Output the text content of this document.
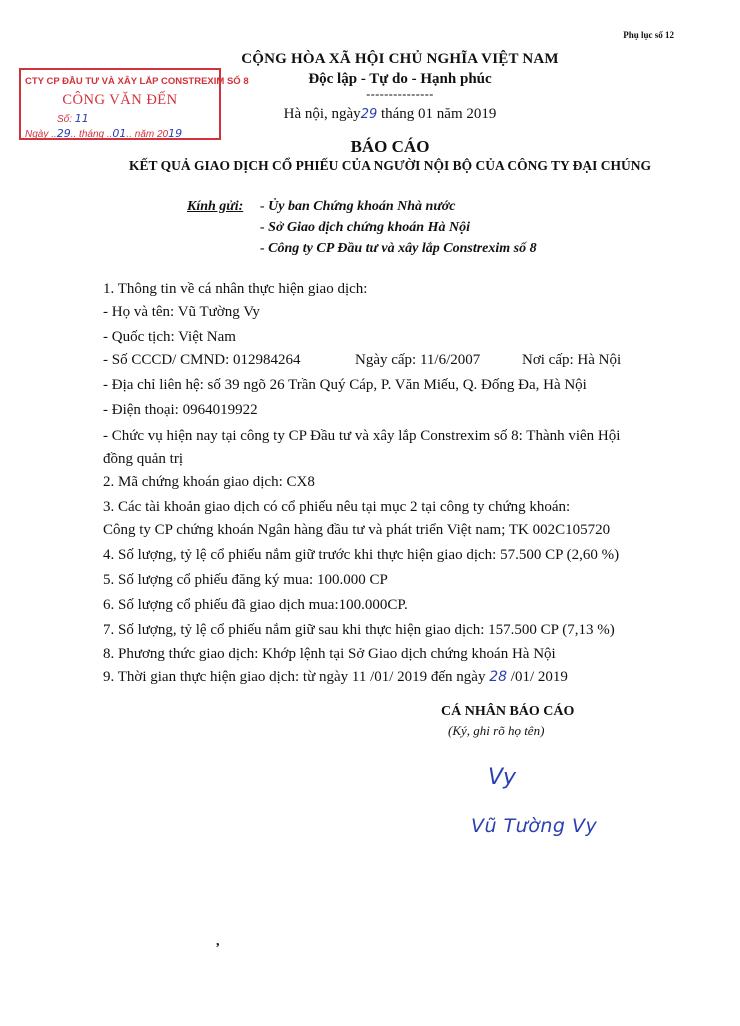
Phụ lục số 12
CỘNG HÒA XÃ HỘI CHỦ NGHĨA VIỆT NAM
Độc lập - Tự do - Hạnh phúc
---------------
Hà nội, ngày29 tháng 01 năm 2019
CTY CP ĐẦU TƯ VÀ XÂY LẮP CONSTREXIM SỐ 8
CÔNG VĂN ĐẾN
Số: 11
Ngày ..29.. tháng ..01.. năm 2019
BÁO CÁO
KẾT QUẢ GIAO DỊCH CỔ PHIẾU CỦA NGƯỜI NỘI BỘ CỦA CÔNG TY ĐẠI CHÚNG
Kính gửi: - Ủy ban Chứng khoán Nhà nước
- Sở Giao dịch chứng khoán Hà Nội
- Công ty CP Đầu tư và xây lắp Constrexim số 8
1. Thông tin về cá nhân thực hiện giao dịch:
- Họ và tên: Vũ Tường Vy
- Quốc tịch: Việt Nam
- Số CCCD/ CMND: 012984264	Ngày cấp: 11/6/2007	Nơi cấp: Hà Nội
- Địa chỉ liên hệ: số 39 ngõ 26 Trần Quý Cáp, P. Văn Miếu, Q. Đống Đa, Hà Nội
- Điện thoại: 0964019922
- Chức vụ hiện nay tại công ty CP Đầu tư và xây lắp Constrexim số 8: Thành viên Hội
đồng quản trị
2. Mã chứng khoán giao dịch: CX8
3. Các tài khoản giao dịch có cổ phiếu nêu tại mục 2 tại công ty chứng khoán:
Công ty CP chứng khoán Ngân hàng đầu tư và phát triển Việt nam; TK 002C105720
4. Số lượng, tỷ lệ cổ phiếu nắm giữ trước khi thực hiện giao dịch: 57.500 CP (2,60 %)
5. Số lượng cổ phiếu đăng ký mua: 100.000 CP
6. Số lượng cổ phiếu đã giao dịch mua:100.000CP.
7. Số lượng, tỷ lệ cổ phiếu nắm giữ sau khi thực hiện giao dịch: 157.500 CP (7,13 %)
8. Phương thức giao dịch: Khớp lệnh tại Sở Giao dịch chứng khoán Hà Nội
9. Thời gian thực hiện giao dịch: từ ngày 11 /01/ 2019 đến ngày 28 /01/ 2019
CÁ NHÂN BÁO CÁO
(Ký, ghi rõ họ tên)
Vy
Vũ Tường Vy
,
